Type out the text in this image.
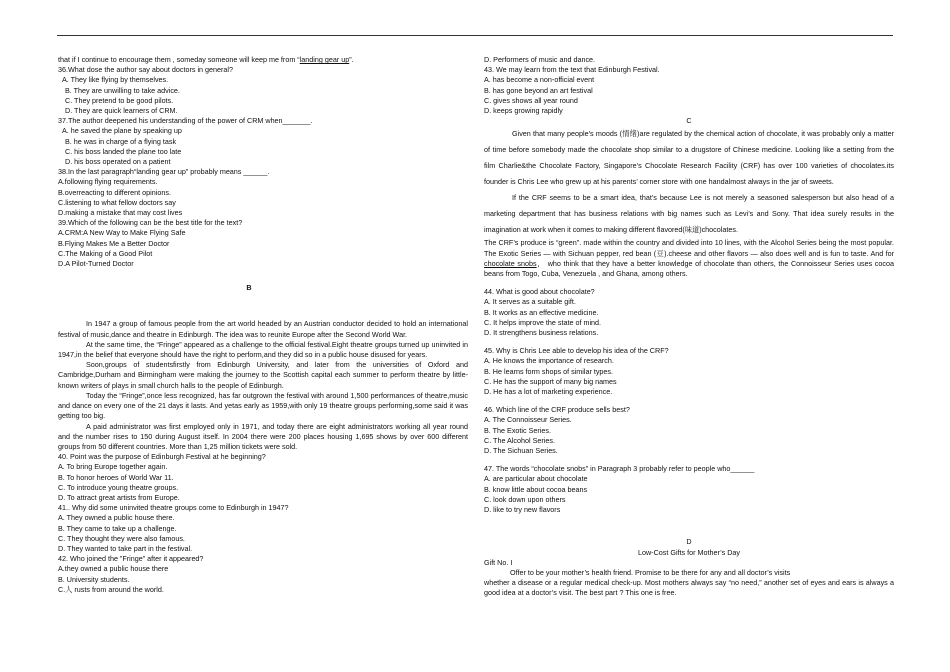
that if I continue to encourage them , someday someone will keep me from “landing gear up”.
36.What dose the author say about doctors in general?
A. They like flying by themselves.
B. They are unwilling to take advice.
C. They pretend to be good pilots.
D. They are quick learners of CRM.
37.The author deepened his understanding of the power of CRM when_______.
A. he saved the plane by speaking up
B. he was in charge of a flying task
C. his boss landed the plane too late
D. his boss operated on a patient
38.In the last paragraph“landing gear up” probably means ______.
A.following flying requirements.
B.overreacting to different opinions.
C.listening to what fellow doctors say
D.making a mistake that may cost lives
39.Which of the following can be the best title for the text?
A.CRM:A New Way to Make Flying Safe
B.Flying Makes Me a Better Doctor
C.The Making of a Good Pilot
D.A Pilot-Turned Doctor
B

In 1947 a group of famous people from the art world headed by an Austrian conductor decided to hold an international festival of music,dance and theatre in Edinburgh. The idea was to reunite Europe after the Second World War.

At the same time, the “Fringe” appeared as a challenge to the official festival.Eight theatre groups turned up uninvited in 1947,in the belief that everyone should have the right to perform,and they did so in a public house disused for years.

Soon,groups of studentsfirstly from Edinburgh University, and later from the universities of Oxford and Cambridge,Durham and Birmingham were making the journey to the Scottish capital each summer to perform theatre by little-known writers of plays in small church halls to the people of Edinburgh.

Today the “Fringe”,once less recognized, has far outgrown the festival with around 1,500 performances of theatre,music and dance on every one of the 21 days it lasts. And yetas early as 1959,with only 19 theatre groups performing,some said it was getting too big.

A paid administrator was first employed only in 1971, and today there are eight administrators working all year round and the number rises to 150 during August itself. In 2004 there were 200 places housing 1,695 shows by over 600 different groups from 50 different countries. More than 1,25 million tickets were sold.

40. Point was the purpose of Edinburgh Festival at he beginning?
A. To bring Europe together again.
B. To honor heroes of World War 11.
C. To introduce young theatre groups.
D. To attract great artists from Europe.
41.. Why did some uninvited theatre groups come to Edinburgh in 1947?
A. They owned a public house there.
B. They came to take up a challenge.
C. They thought they were also famous.
D. They wanted to take part in the festival.
42. Who joined the ”Fringe” after it appeared?
A.they owned a public house there
B. University students.
C.人 rusts from around the world.
D. Performers of music and dance.
43. We may learn from the text that Edinburgh Festival.
A. has become a non-official event
B. has gone beyond an art festival
C. gives shows all year round
D. keeps growing rapidly
C

Given that many people’s moods (情绪)are regulated by the chemical action of chocolate, it was probably only a matter of time before somebody made the chocolate shop similar to a drugstore of Chinese medicine. Looking like a setting from the film Charlie&the Chocolate Factory, Singapore’s Chocolate Research Facility (CRF) has over 100 varieties of chocolates.its founder is Chris Lee who grew up at his parents’ corner store with one handalmost always in the jar of sweets.

If the CRF seems to be a smart idea, that’s because Lee is not merely a seasoned salesperson but also head of a marketing department that has business relations with big names such as Levi’s and Sony. That idea surely results in the imagination at work when it comes to making different flavored(味道)chocolates.

The CRF’s produce is “green”. made within the country and divided into 10 lines, with the Alcohol Series being the most popular. The Exotic Series — with Sichuan pepper, red bean (豆).cheese and other flavors — also does well and is fun to taste. And for chocolate snobs， who think that they have a better knowledge of chocolate than others, the Connoisseur Series uses cocoa beans from Togo, Cuba, Venezuela , and Ghana, among others.

44. What is good about chocolate?
A. It serves as a suitable gift.
B. It works as an effective medicine.
C. It helps improve the state of mind.
D. It strengthens business relations.
45. Why is Chris Lee able to develop his idea of the CRF?
A. He knows the importance of research.
B. He learns form shops of similar types.
C. He has the support of many big names
D. He has a lot of marketing experience.
46. Which line of the CRF produce sells best?
A. The Connoisseur Series.
B. The Exotic Series.
C. The Alcohol Series.
D. The Sichuan Series.
47. The words “chocolate snobs” in Paragraph 3 probably refer to people who______
A. are particular about chocolate
B. know little about cocoa beans
C. look down upon others
D. like to try new flavors
D
Low-Cost Gifts for Mother’s Day
Gift No. I
Offer to be your mother’s health friend. Promise to be there for any and all doctor’s visits

whether a disease or a regular medical check-up. Most mothers always say “no need,” another set of eyes and ears is always a good idea at a doctor’s visit. The best part ? This one is free.
